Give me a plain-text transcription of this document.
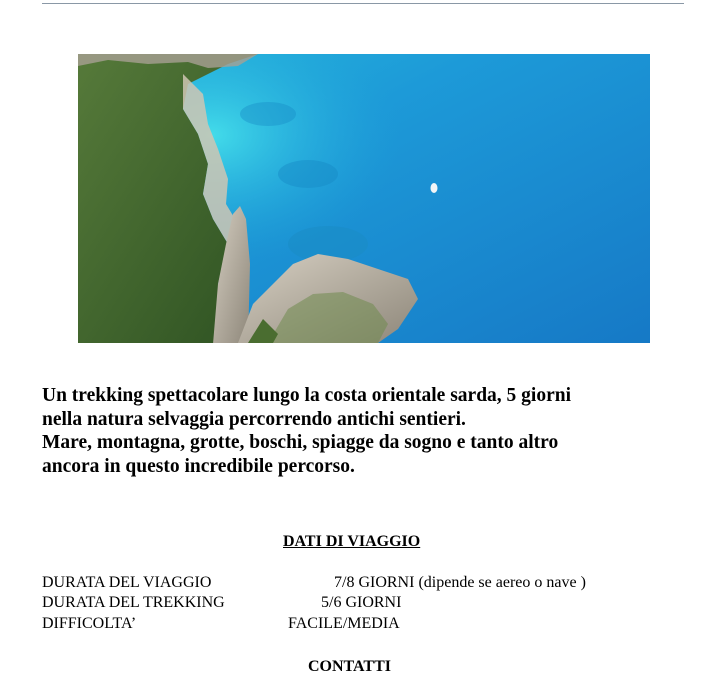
Un trekking spettacolare lungo la costa orientale sarda, 5 giorni
nella natura selvaggia percorrendo antichi sentieri.
Mare, montagna, grotte, boschi, spiagge da sogno e tanto altro
ancora in questo incredibile percorso.

DATI DI VIAGGIO
DURATA DEL VIAGGIO	7/8 GIORNI (dipende se aereo o nave )
DURATA DEL TREKKING	5/6 GIORNI
DIFFICOLTA’	FACILE/MEDIA
CONTATTI
